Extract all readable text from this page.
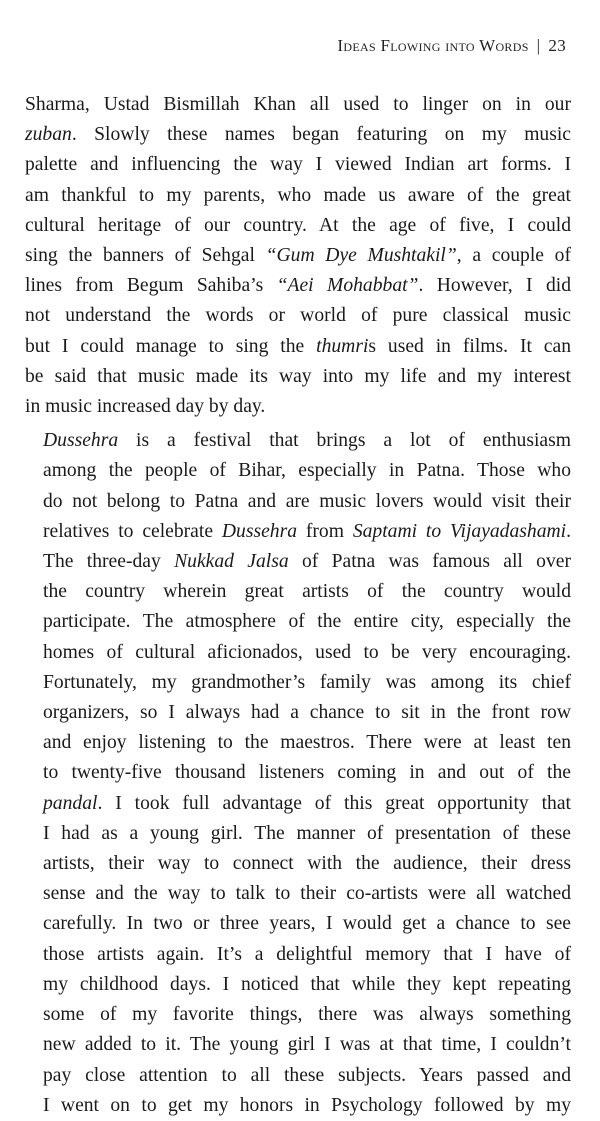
Ideas Flowing into Words | 23

Sharma, Ustad Bismillah Khan all used to linger on in our
zuban. Slowly these names began featuring on my music
palette and influencing the way I viewed Indian art forms. I
am thankful to my parents, who made us aware of the great
cultural heritage of our country. At the age of five, I could
sing the banners of Sehgal “Gum Dye Mushtakil”, a couple of
lines from Begum Sahiba’s “Aei Mohabbat”. However, I did
not understand the words or world of pure classical music
but I could manage to sing the thumris used in films. It can
be said that music made its way into my life and my interest
in music increased day by day.

Dussehra is a festival that brings a lot of enthusiasm
among the people of Bihar, especially in Patna. Those who
do not belong to Patna and are music lovers would visit their
relatives to celebrate Dussehra from Saptami to Vijayadashami.
The three-day Nukkad Jalsa of Patna was famous all over
the country wherein great artists of the country would
participate. The atmosphere of the entire city, especially the
homes of cultural aficionados, used to be very encouraging.
Fortunately, my grandmother’s family was among its chief
organizers, so I always had a chance to sit in the front row
and enjoy listening to the maestros. There were at least ten
to twenty-five thousand listeners coming in and out of the
pandal. I took full advantage of this great opportunity that
I had as a young girl. The manner of presentation of these
artists, their way to connect with the audience, their dress
sense and the way to talk to their co-artists were all watched
carefully. In two or three years, I would get a chance to see
those artists again. It’s a delightful memory that I have of
my childhood days. I noticed that while they kept repeating
some of my favorite things, there was always something
new added to it. The young girl I was at that time, I couldn’t
pay close attention to all these subjects. Years passed and
I went on to get my honors in Psychology followed by my
